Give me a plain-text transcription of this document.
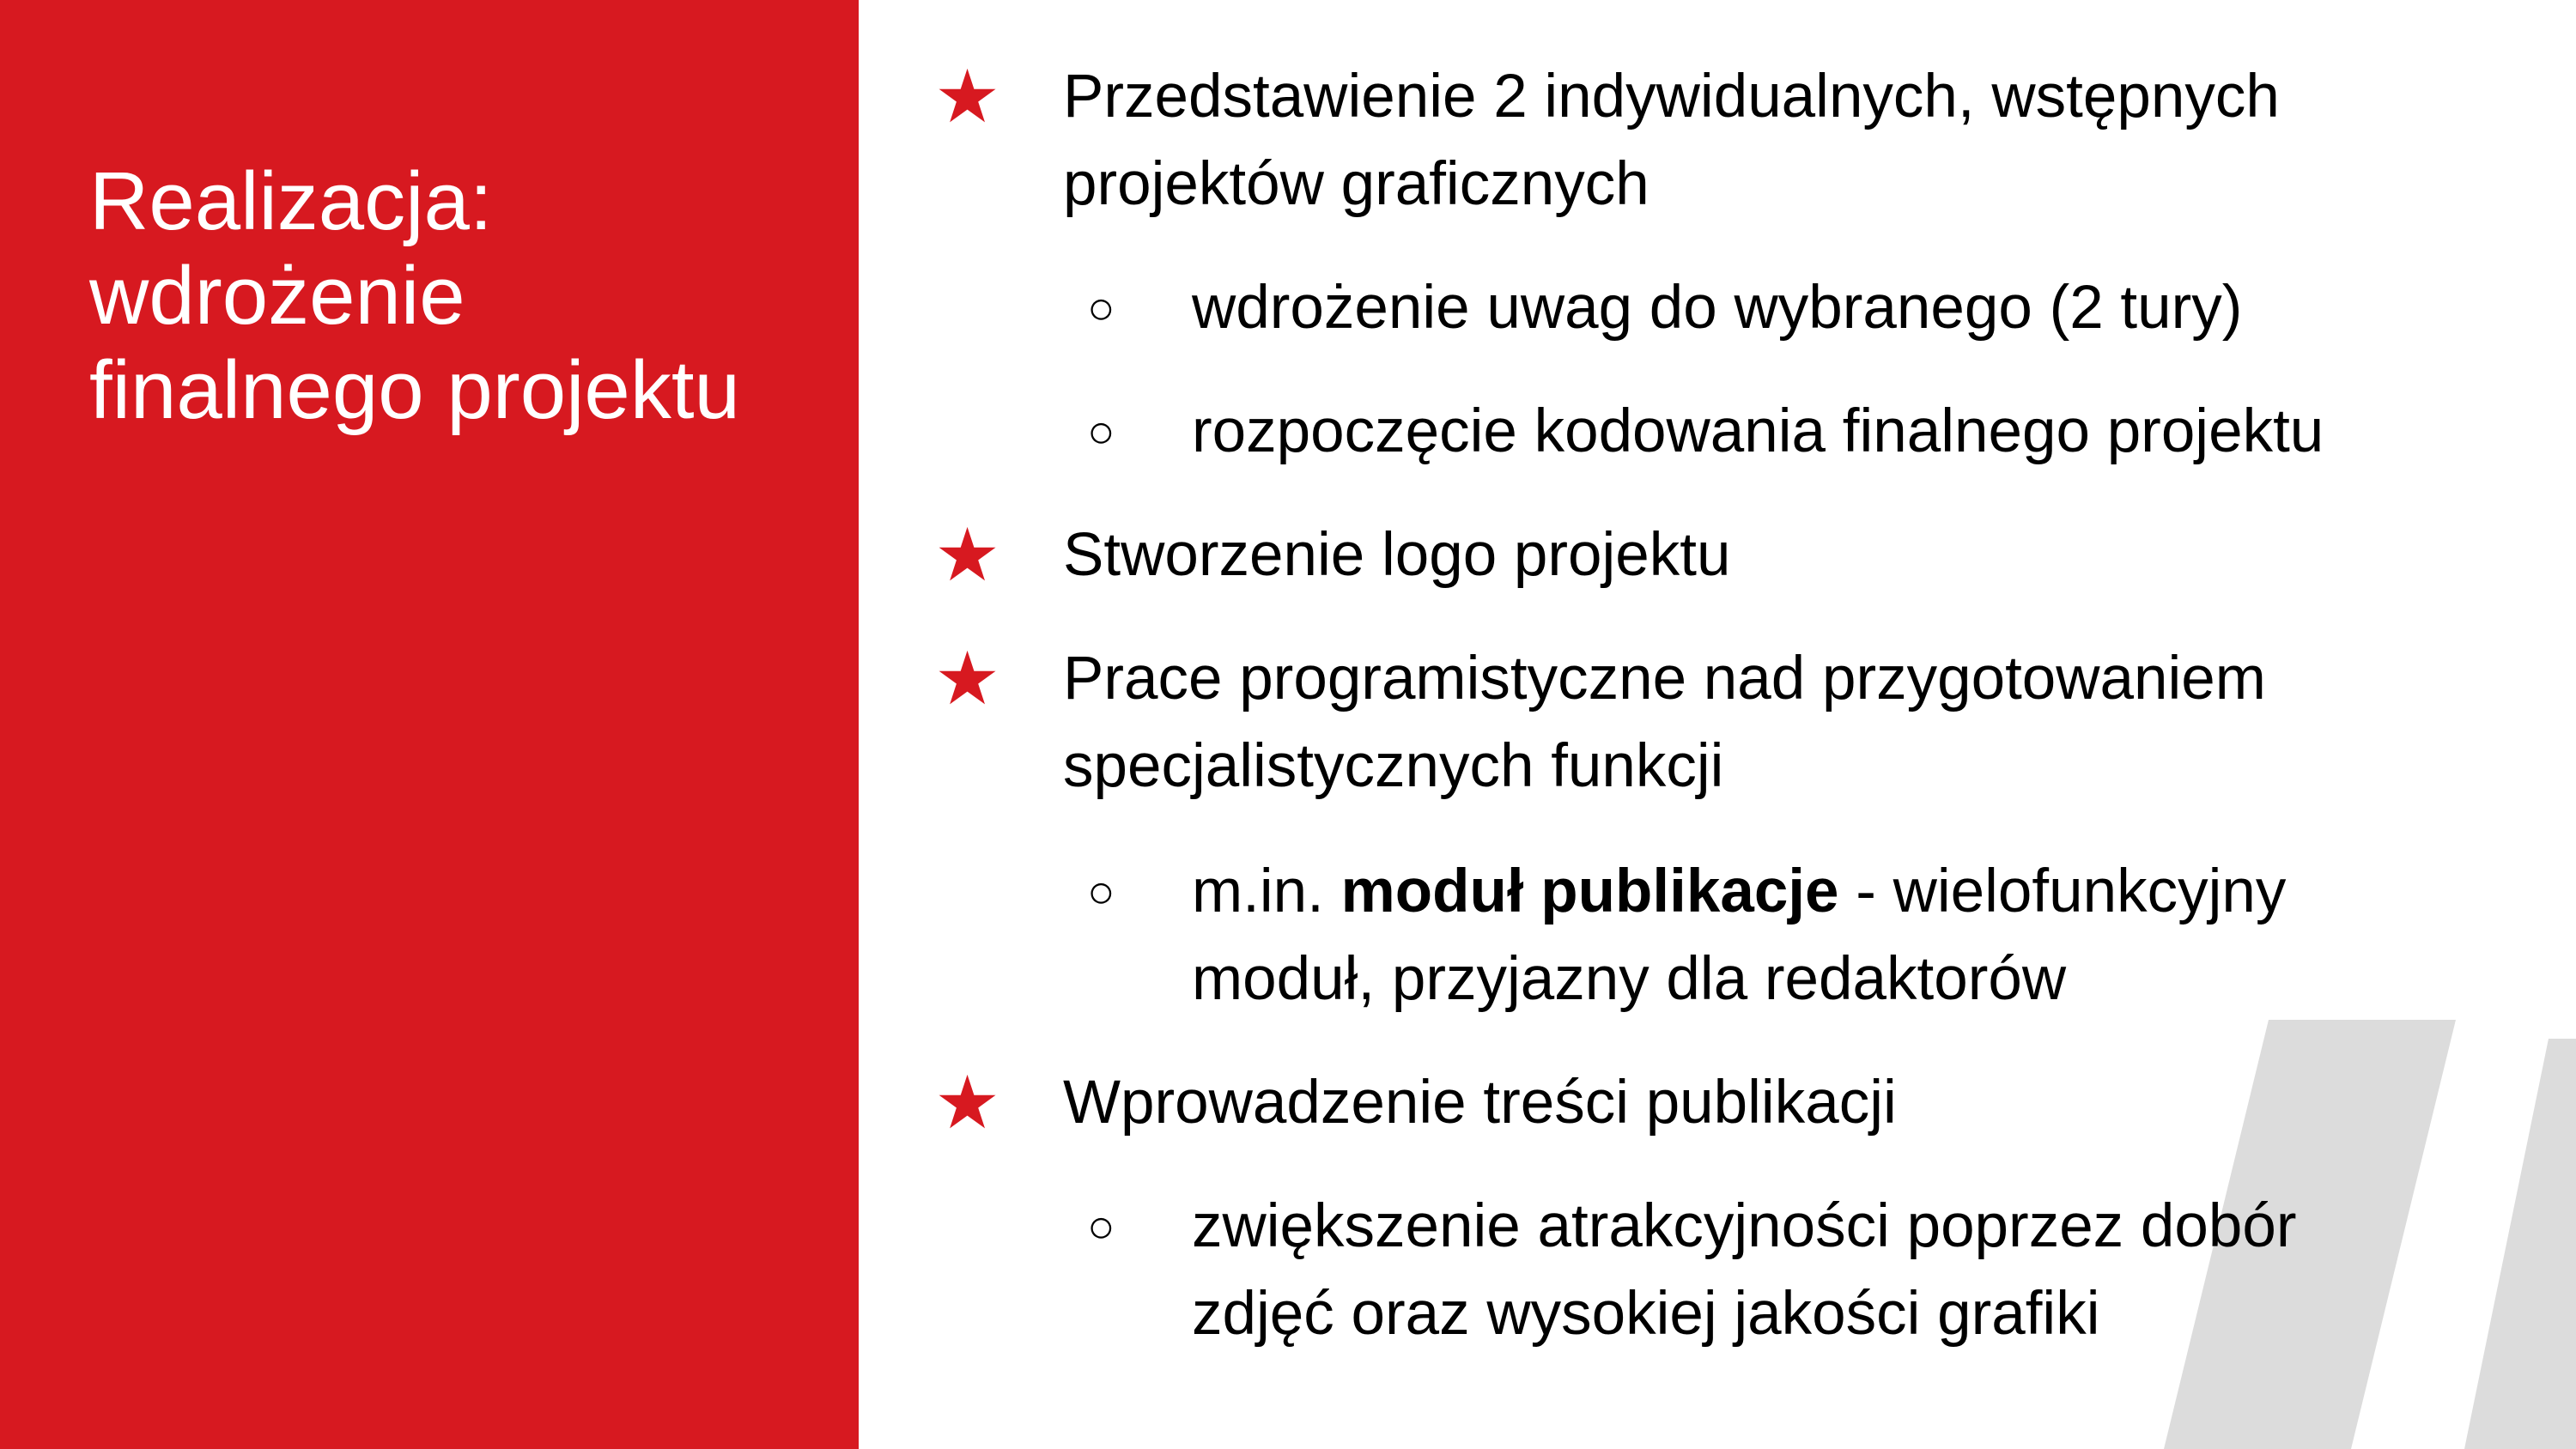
Realizacja:
wdrożenie
finalnego projektu
★ Przedstawienie 2 indywidualnych, wstępnych
projektów graficznych
○ wdrożenie uwag do wybranego (2 tury)
○ rozpoczęcie kodowania finalnego projektu
★ Stworzenie logo projektu
★ Prace programistyczne nad przygotowaniem
specjalistycznych funkcji
○ m.in. moduł publikacje - wielofunkcyjny
moduł, przyjazny dla redaktorów
★ Wprowadzenie treści publikacji
○ zwiększenie atrakcyjności poprzez dobór
zdjęć oraz wysokiej jakości grafiki
